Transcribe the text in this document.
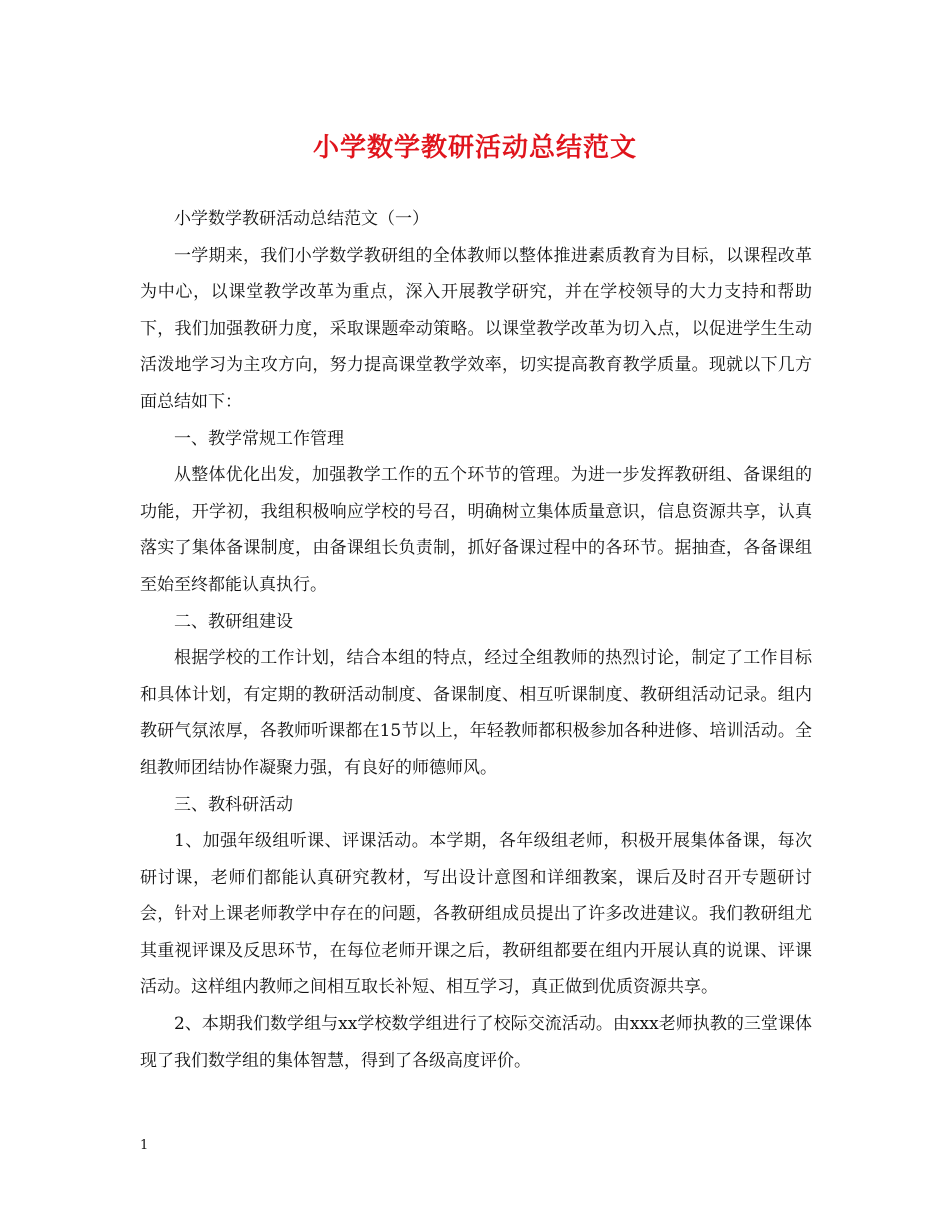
小学数学教研活动总结范文

小学数学教研活动总结范文（一）

一学期来，我们小学数学教研组的全体教师以整体推进素质教育为目标，以课程改革为中心，以课堂教学改革为重点，深入开展教学研究，并在学校领导的大力支持和帮助下，我们加强教研力度，采取课题牵动策略。以课堂教学改革为切入点，以促进学生生动活泼地学习为主攻方向，努力提高课堂教学效率，切实提高教育教学质量。现就以下几方面总结如下：

一、教学常规工作管理

从整体优化出发，加强教学工作的五个环节的管理。为进一步发挥教研组、备课组的功能，开学初，我组积极响应学校的号召，明确树立集体质量意识，信息资源共享，认真落实了集体备课制度，由备课组长负责制，抓好备课过程中的各环节。据抽查，各备课组至始至终都能认真执行。

二、教研组建设

根据学校的工作计划，结合本组的特点，经过全组教师的热烈讨论，制定了工作目标和具体计划，有定期的教研活动制度、备课制度、相互听课制度、教研组活动记录。组内教研气氛浓厚，各教师听课都在15节以上，年轻教师都积极参加各种进修、培训活动。全组教师团结协作凝聚力强，有良好的师德师风。

三、教科研活动

1、加强年级组听课、评课活动。本学期，各年级组老师，积极开展集体备课，每次研讨课，老师们都能认真研究教材，写出设计意图和详细教案，课后及时召开专题研讨会，针对上课老师教学中存在的问题，各教研组成员提出了许多改进建议。我们教研组尤其重视评课及反思环节，在每位老师开课之后，教研组都要在组内开展认真的说课、评课活动。这样组内教师之间相互取长补短、相互学习，真正做到优质资源共享。

2、本期我们数学组与xx学校数学组进行了校际交流活动。由xxx老师执教的三堂课体现了我们数学组的集体智慧，得到了各级高度评价。

1
